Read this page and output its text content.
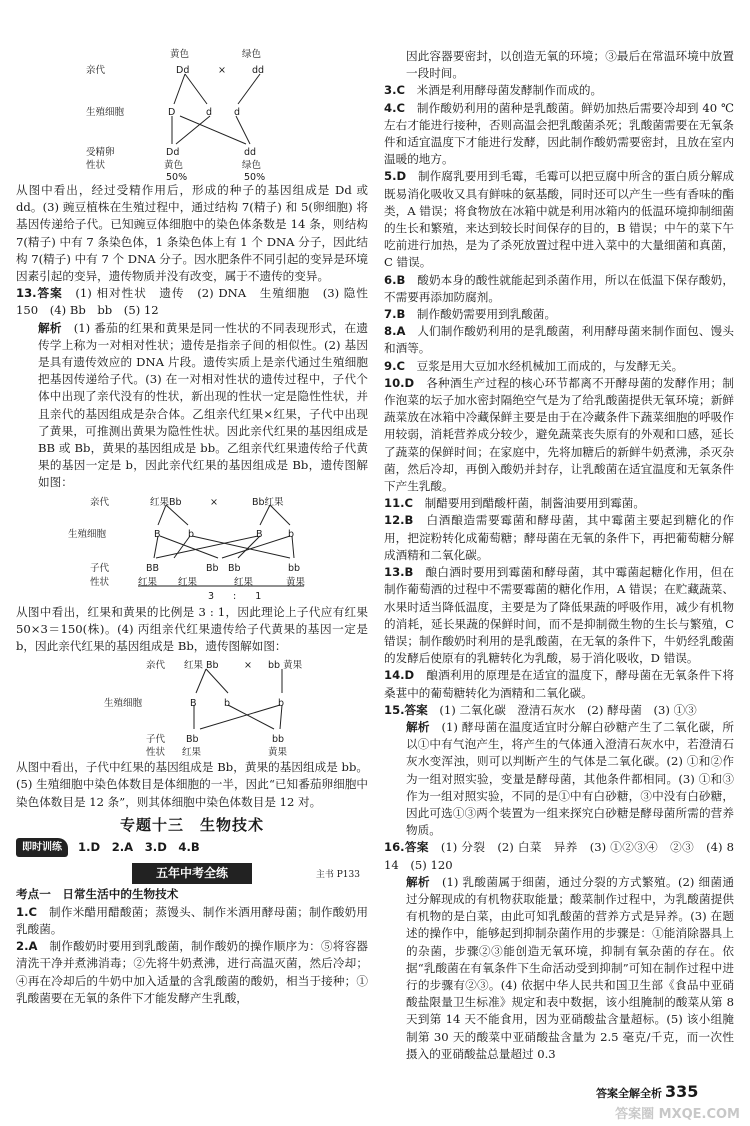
黄色	绿色
亲代	Dd	×	dd
生殖细胞	D	d d
受精卵	Dd	dd
性状	黄色	绿色
50%	50%

从图中看出，经过受精作用后，形成的种子的基因组成是 Dd 或 dd。(3) 豌豆植株在生殖过程中，通过结构 7(精子) 和 5(卵细胞) 将基因传递给子代。已知豌豆体细胞中的染色体条数是 14 条，则结构 7(精子) 中有 7 条染色体，1 条染色体上有 1 个 DNA 分子，因此结构 7(精子) 中有 7 个 DNA 分子。因水肥条件不同引起的变异是环境因素引起的变异，遗传物质并没有改变，属于不遗传的变异。

13.答案　 (1) 相对性状　遗传　(2) DNA　生殖细胞　(3) 隐性　150　(4) Bb　bb　(5) 12

解析　 (1) 番茄的红果和黄果是同一性状的不同表现形式，在遗传学上称为一对相对性状；遗传是指亲子间的相似性。(2) 基因是具有遗传效应的 DNA 片段。遗传实质上是亲代通过生殖细胞把基因传递给子代。(3) 在一对相对性状的遗传过程中，子代个体中出现了亲代没有的性状，新出现的性状一定是隐性性状，并且亲代的基因组成是杂合体。乙组亲代红果×红果，子代中出现了黄果，可推测出黄果为隐性性状。因此亲代红果的基因组成是 BB 或 Bb，黄果的基因组成是 bb。乙组亲代红果遗传给子代黄果的基因一定是 b，因此亲代红果的基因组成是 Bb，遗传图解如图：

亲代	红果Bb	×	Bb红果
生殖细胞	B	b	B	b
子代	BB	Bb Bb	bb
性状	红果 红果	红果	黄果
3　　:　　1

从图中看出，红果和黄果的比例是 3 : 1，因此理论上子代应有红果 50×3＝150(株)。(4) 丙组亲代红果遗传给子代黄果的基因一定是 b，因此亲代红果的基因组成是 Bb，遗传图解如图：

亲代 红果 Bb	× bb 黄果
生殖细胞	B	b	b
子代 Bb	bb
性状 红果	黄果

从图中看出，子代中红果的基因组成是 Bb，黄果的基因组成是 bb。(5) 生殖细胞中染色体数目是体细胞的一半，因此“已知番茄卵细胞中染色体数目是 12 条”，则其体细胞中染色体数目是 12 对。

专题十三　生物技术
即时训练	1.D　2.A　3.D　4.B
五年中考全练	主书 P133

考点一　日常生活中的生物技术

1.C　 制作米醋用醋酸菌；蒸馒头、制作米酒用酵母菌；制作酸奶用乳酸菌。

2.A　 制作酸奶时要用到乳酸菌，制作酸奶的操作顺序为：⑤将容器清洗干净并煮沸消毒；②先将牛奶煮沸，进行高温灭菌，然后冷却；④再在冷却后的牛奶中加入适量的含乳酸菌的酸奶，相当于接种；①乳酸菌要在无氧的条件下才能发酵产生乳酸，

因此容器要密封，以创造无氧的环境；③最后在常温环境中放置一段时间。

3.C　 米酒是利用酵母菌发酵制作而成的。

4.C　 制作酸奶利用的菌种是乳酸菌。鲜奶加热后需要冷却到 40 ℃左右才能进行接种，否则高温会把乳酸菌杀死；乳酸菌需要在无氧条件和适宜温度下才能进行发酵，因此制作酸奶需要密封，且放在室内温暖的地方。

5.D　 制作腐乳要用到毛霉，毛霉可以把豆腐中所含的蛋白质分解成既易消化吸收又具有鲜味的氨基酸，同时还可以产生一些有香味的酯类，A 错误；将食物放在冰箱中就是利用冰箱内的低温环境抑制细菌的生长和繁殖，来达到较长时间保存的目的，B 错误；中午的菜下午吃前进行加热，是为了杀死放置过程中进入菜中的大量细菌和真菌，C 错误。

6.B　 酸奶本身的酸性就能起到杀菌作用，所以在低温下保存酸奶，不需要再添加防腐剂。

7.B　 制作酸奶需要用到乳酸菌。

8.A　 人们制作酸奶利用的是乳酸菌，利用酵母菌来制作面包、馒头和酒等。

9.C　 豆浆是用大豆加水经机械加工而成的，与发酵无关。

10.D　 各种酒生产过程的核心环节都离不开酵母菌的发酵作用；制作泡菜的坛子加水密封隔绝空气是为了给乳酸菌提供无氧环境；新鲜蔬菜放在冰箱中冷藏保鲜主要是由于在冷藏条件下蔬菜细胞的呼吸作用较弱，消耗营养成分较少，避免蔬菜丧失原有的外观和口感，延长了蔬菜的保鲜时间；在家庭中，先将加糖后的新鲜牛奶煮沸，杀灭杂菌，然后冷却，再倒入酸奶并封存，让乳酸菌在适宜温度和无氧条件下产生乳酸。

11.C　 制醋要用到醋酸杆菌，制酱油要用到霉菌。

12.B　 白酒酿造需要霉菌和酵母菌，其中霉菌主要起到糖化的作用，把淀粉转化成葡萄糖；酵母菌在无氧的条件下，再把葡萄糖分解成酒精和二氧化碳。

13.B　 酿白酒时要用到霉菌和酵母菌，其中霉菌起糖化作用，但在制作葡萄酒的过程中不需要霉菌的糖化作用，A 错误；在贮藏蔬菜、水果时适当降低温度，主要是为了降低果蔬的呼吸作用，减少有机物的消耗，延长果蔬的保鲜时间，而不是抑制微生物的生长与繁殖，C 错误；制作酸奶时利用的是乳酸菌，在无氧的条件下，牛奶经乳酸菌的发酵后使原有的乳糖转化为乳酸，易于消化吸收，D 错误。

14.D　 酿酒利用的原理是在适宜的温度下，酵母菌在无氧条件下将桑葚中的葡萄糖转化为酒精和二氧化碳。

15.答案　 (1) 二氧化碳　澄清石灰水　(2) 酵母菌　(3) ①③

解析　 (1) 酵母菌在温度适宜时分解白砂糖产生了二氧化碳，所以①中有气泡产生，将产生的气体通入澄清石灰水中，若澄清石灰水变浑浊，则可以判断产生的气体是二氧化碳。(2) ①和②作为一组对照实验，变量是酵母菌，其他条件都相同。(3) ①和③作为一组对照实验，不同的是①中有白砂糖，③中没有白砂糖，因此可选①③两个装置为一组来探究白砂糖是酵母菌所需的营养物质。

16.答案　 (1) 分裂　(2) 白菜　异养　(3) ①②③④　②③　(4) 8　14　(5) 120

解析　 (1) 乳酸菌属于细菌，通过分裂的方式繁殖。(2) 细菌通过分解现成的有机物获取能量；酸菜制作过程中，为乳酸菌提供有机物的是白菜，由此可知乳酸菌的营养方式是异养。(3) 在题述的操作中，能够起到抑制杂菌作用的步骤是：①能消除器具上的杂菌，步骤②③能创造无氧环境，抑制有氧杂菌的存在。依据“乳酸菌在有氧条件下生命活动受到抑制”可知在制作过程中进行的步骤有②③。(4) 依据中华人民共和国卫生部《食品中亚硝酸盐限量卫生标准》规定和表中数据，该小组腌制的酸菜从第 8 天到第 14 天不能食用，因为亚硝酸盐含量超标。(5) 该小组腌制第 30 天的酸菜中亚硝酸盐含量为 2.5 毫克/千克，而一次性摄入的亚硝酸盐总量超过 0.3

答案全解全析 335
答案圈 MXQE.COM
